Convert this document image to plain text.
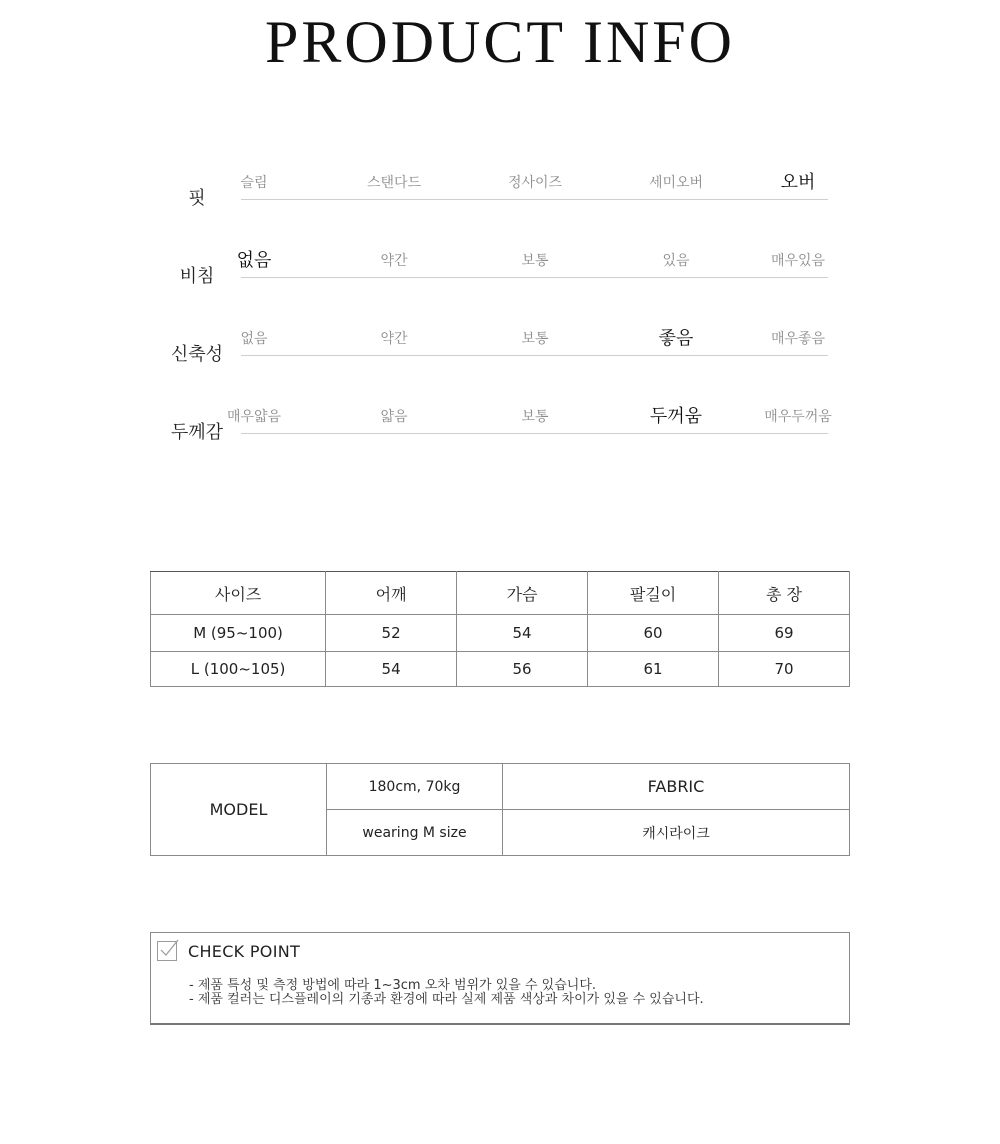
PRODUCT INFO
핏
슬림	스탠다드	정사이즈	세미오버	오버
비침
없음	약간	보통	있음	매우있음
신축성
없음	약간	보통	좋음	매우좋음
두께감
매우얇음	얇음	보통	두꺼움	매우두꺼움
사이즈	어깨	가슴	팔길이	총 장
M (95~100)	52	54	60	69
L (100~105)	54	56	61	70
MODEL	180cm, 70kg	FABRIC
	wearing M size	캐시라이크
CHECK POINT
- 제품 특성 및 측정 방법에 따라 1~3cm 오차 범위가 있을 수 있습니다.
- 제품 컬러는 디스플레이의 기종과 환경에 따라 실제 제품 색상과 차이가 있을 수 있습니다.
